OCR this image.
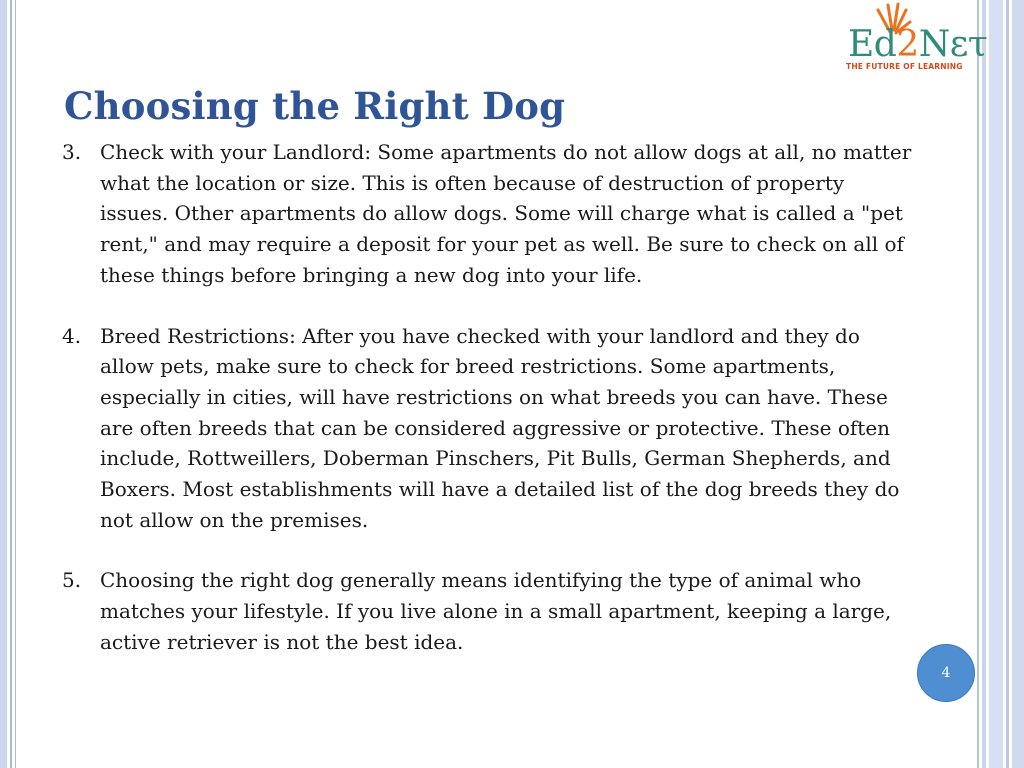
Ed2Nετ
THE FUTURE OF LEARNING
Choosing the Right Dog
3. Check with your Landlord: Some apartments do not allow dogs at all, no matter what the location or size. This is often because of destruction of property issues. Other apartments do allow dogs. Some will charge what is called a "pet rent," and may require a deposit for your pet as well. Be sure to check on all of these things before bringing a new dog into your life.
4. Breed Restrictions: After you have checked with your landlord and they do allow pets, make sure to check for breed restrictions. Some apartments, especially in cities, will have restrictions on what breeds you can have. These are often breeds that can be considered aggressive or protective. These often include, Rottweillers, Doberman Pinschers, Pit Bulls, German Shepherds, and Boxers. Most establishments will have a detailed list of the dog breeds they do not allow on the premises.
5. Choosing the right dog generally means identifying the type of animal who matches your lifestyle. If you live alone in a small apartment, keeping a large, active retriever is not the best idea.
4
